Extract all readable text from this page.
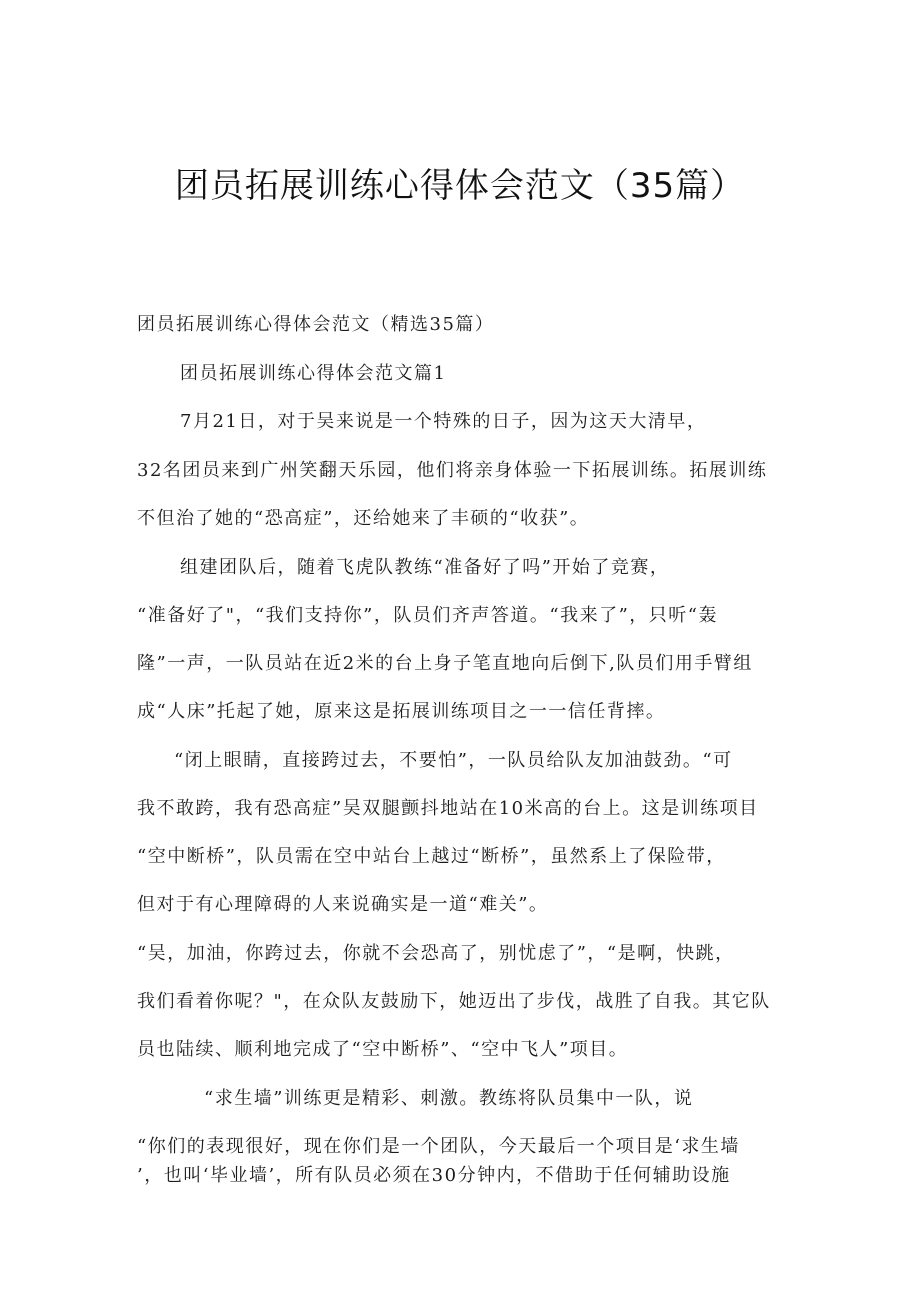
团员拓展训练心得体会范文（35篇）
团员拓展训练心得体会范文（精选35篇）
团员拓展训练心得体会范文篇1
7月21日，对于吴来说是一个特殊的日子，因为这天大清早，
32名团员来到广州笑翻天乐园，他们将亲身体验一下拓展训练。拓展训练
不但治了她的“恐高症”，还给她来了丰硕的“收获”。
组建团队后，随着飞虎队教练“准备好了吗”开始了竞赛，
“准备好了"，“我们支持你”，队员们齐声答道。“我来了”，只听“轰
隆”一声，一队员站在近2米的台上身子笔直地向后倒下,队员们用手臂组
成“人床”托起了她，原来这是拓展训练项目之一一信任背摔。
“闭上眼睛，直接跨过去，不要怕”，一队员给队友加油鼓劲。“可
我不敢跨，我有恐高症”吴双腿颤抖地站在10米高的台上。这是训练项目
“空中断桥”，队员需在空中站台上越过“断桥”，虽然系上了保险带，
但对于有心理障碍的人来说确实是一道“难关”。
“吴，加油，你跨过去，你就不会恐高了，别忧虑了”，“是啊，快跳，
我们看着你呢？"，在众队友鼓励下，她迈出了步伐，战胜了自我。其它队
员也陆续、顺利地完成了“空中断桥”、“空中飞人”项目。
“求生墙”训练更是精彩、刺激。教练将队员集中一队，说
“你们的表现很好，现在你们是一个团队，今天最后一个项目是‘求生墙
’，也叫‘毕业墙’，所有队员必须在30分钟内，不借助于任何辅助设施
